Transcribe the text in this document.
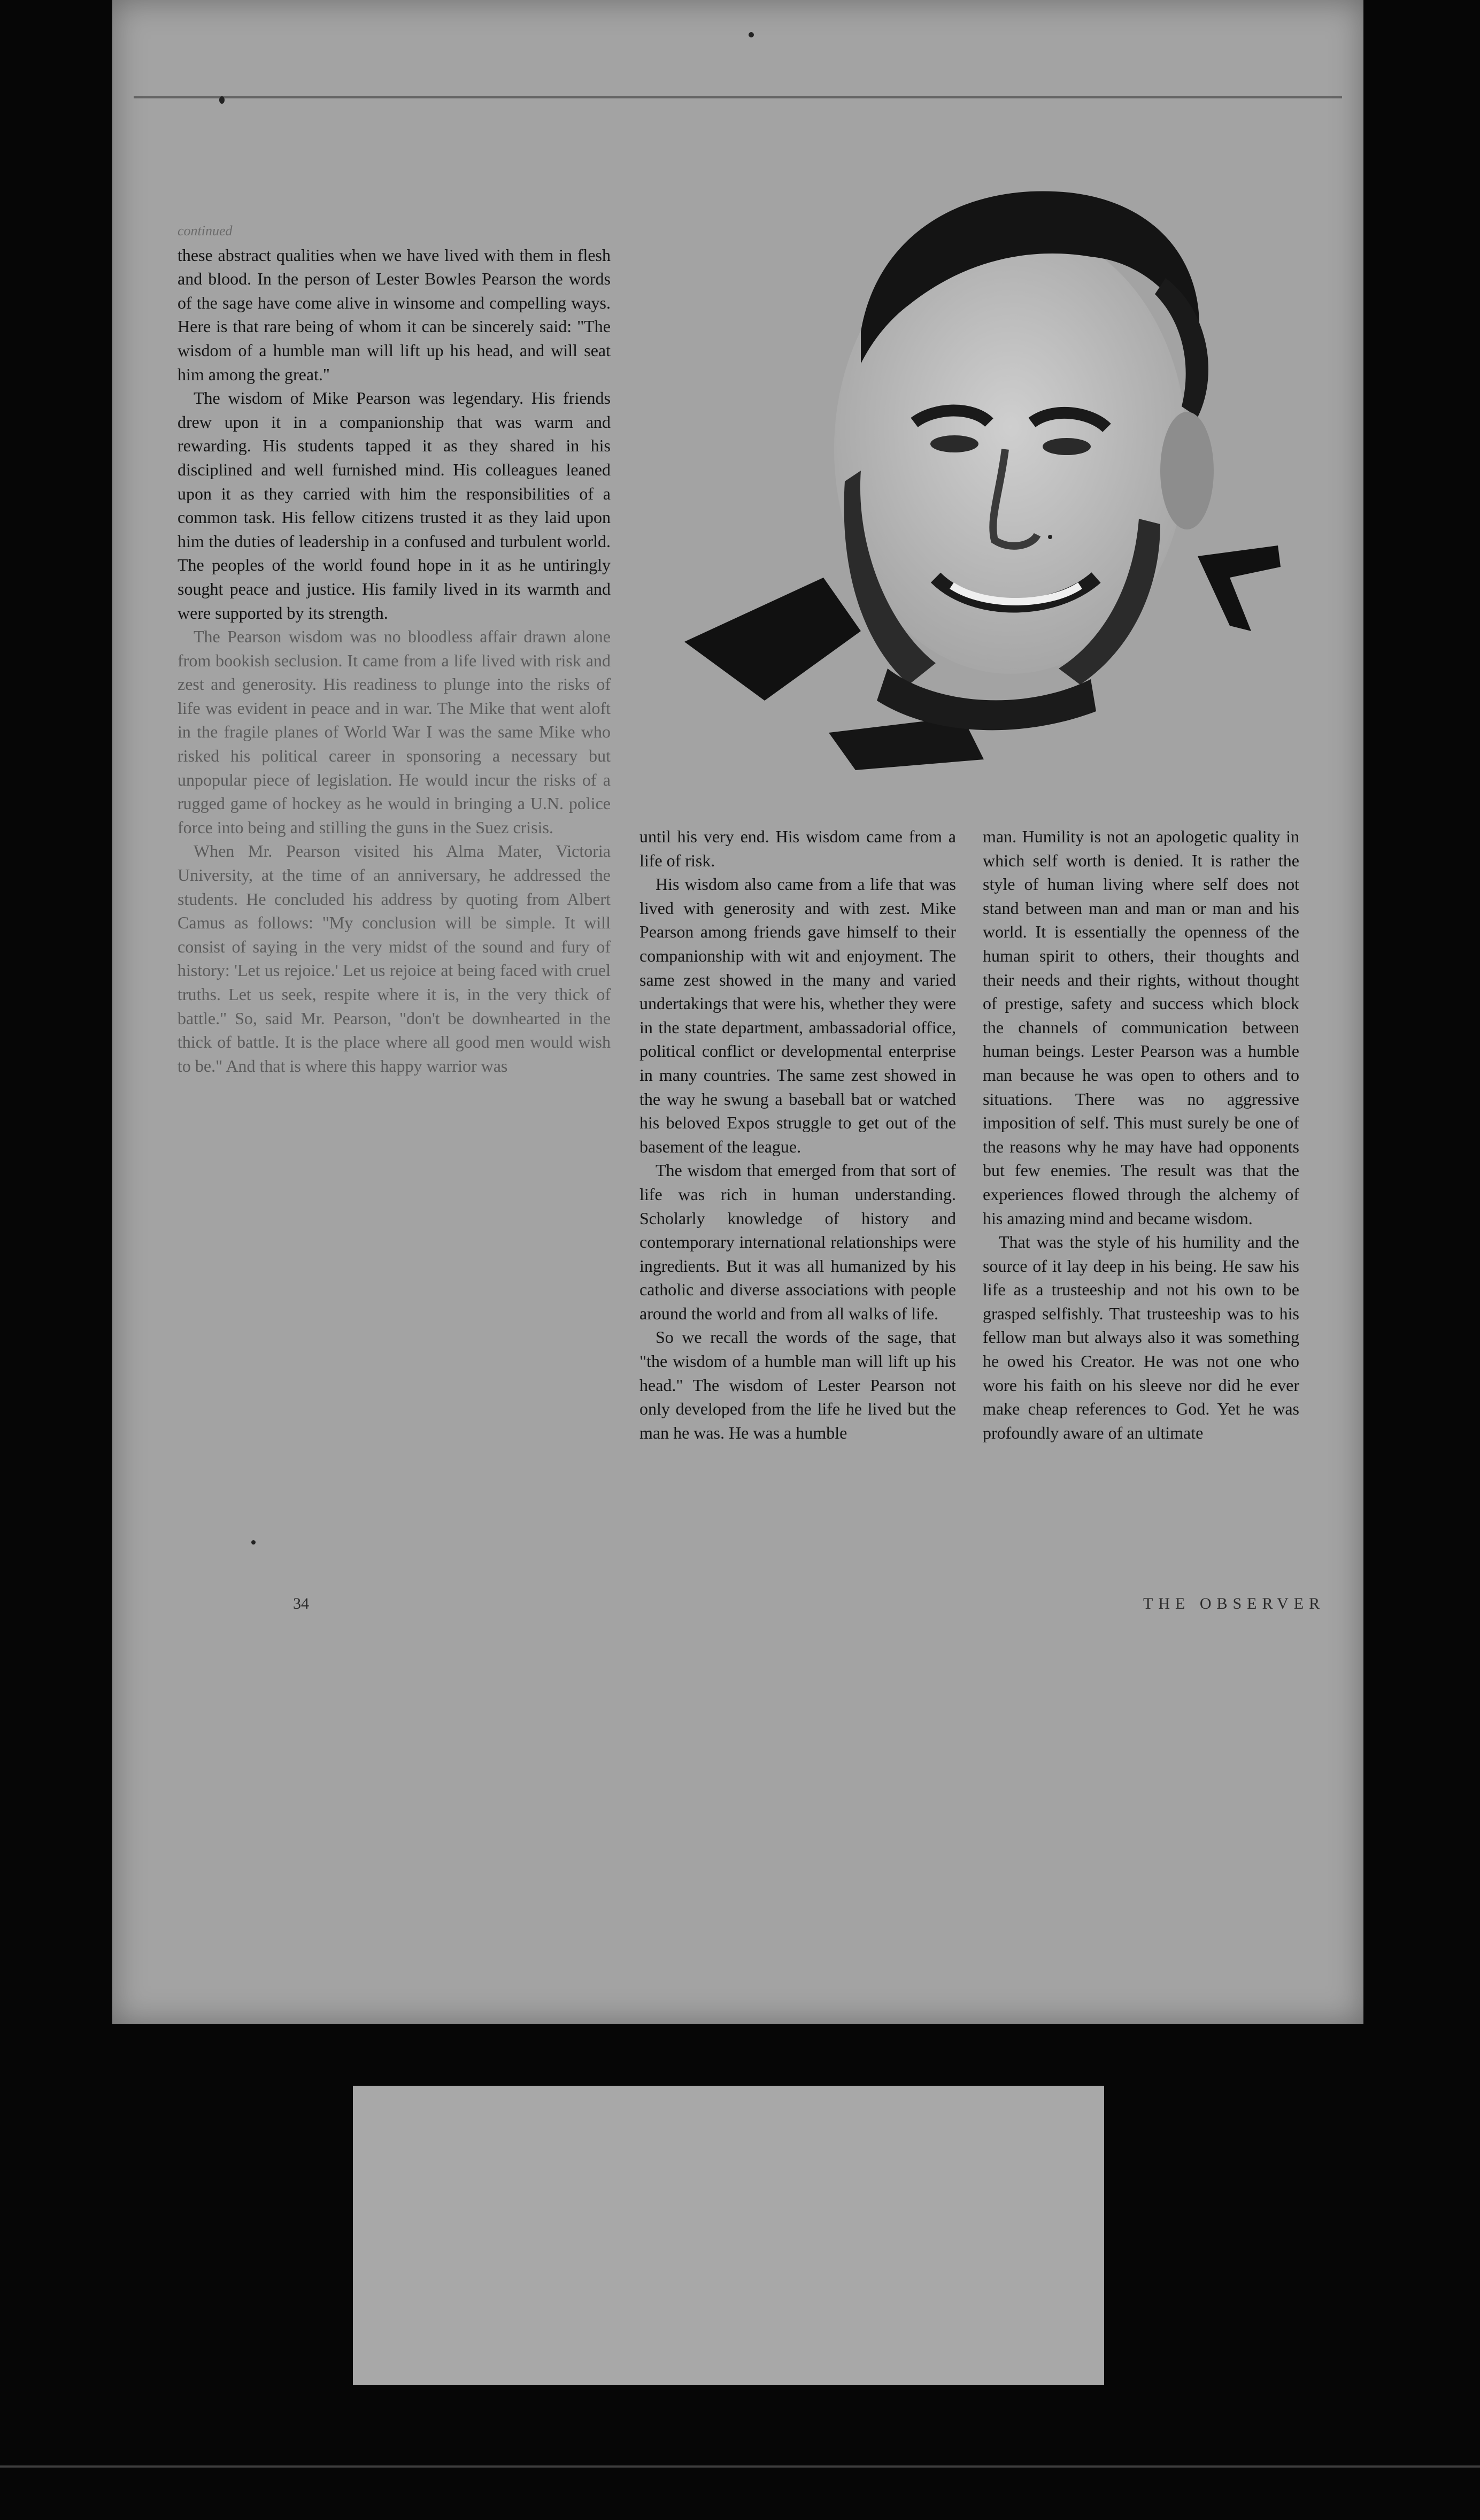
continued

these abstract qualities when we have lived with them in flesh and blood. In the person of Lester Bowles Pearson the words of the sage have come alive in winsome and compelling ways. Here is that rare being of whom it can be sincerely said: "The wisdom of a humble man will lift up his head, and will seat him among the great."

The wisdom of Mike Pearson was legendary. His friends drew upon it in a companionship that was warm and rewarding. His students tapped it as they shared in his disciplined and well furnished mind. His colleagues leaned upon it as they carried with him the responsibilities of a common task. His fellow citizens trusted it as they laid upon him the duties of leadership in a confused and turbulent world. The peoples of the world found hope in it as he untiringly sought peace and justice. His family lived in its warmth and were supported by its strength.

The Pearson wisdom was no bloodless affair drawn alone from bookish seclusion. It came from a life lived with risk and zest and generosity. His readiness to plunge into the risks of life was evident in peace and in war. The Mike that went aloft in the fragile planes of World War I was the same Mike who risked his political career in sponsoring a necessary but unpopular piece of legislation. He would incur the risks of a rugged game of hockey as he would in bringing a U.N. police force into being and stilling the guns in the Suez crisis.

When Mr. Pearson visited his Alma Mater, Victoria University, at the time of an anniversary, he addressed the students. He concluded his address by quoting from Albert Camus as follows: "My conclusion will be simple. It will consist of saying in the very midst of the sound and fury of history: 'Let us rejoice.' Let us rejoice at being faced with cruel truths. Let us seek, respite where it is, in the very thick of battle." So, said Mr. Pearson, "don't be downhearted in the thick of battle. It is the place where all good men would wish to be." And that is where this happy warrior was

until his very end. His wisdom came from a life of risk.

His wisdom also came from a life that was lived with generosity and with zest. Mike Pearson among friends gave himself to their companionship with wit and enjoyment. The same zest showed in the many and varied undertakings that were his, whether they were in the state department, ambassadorial office, political conflict or developmental enterprise in many countries. The same zest showed in the way he swung a baseball bat or watched his beloved Expos struggle to get out of the basement of the league.

The wisdom that emerged from that sort of life was rich in human understanding. Scholarly knowledge of history and contemporary international relationships were ingredients. But it was all humanized by his catholic and diverse associations with people around the world and from all walks of life.

So we recall the words of the sage, that "the wisdom of a humble man will lift up his head." The wisdom of Lester Pearson not only developed from the life he lived but the man he was. He was a humble

man. Humility is not an apologetic quality in which self worth is denied. It is rather the style of human living where self does not stand between man and man or man and his world. It is essentially the openness of the human spirit to others, their thoughts and their needs and their rights, without thought of prestige, safety and success which block the channels of communication between human beings. Lester Pearson was a humble man because he was open to others and to situations. There was no aggressive imposition of self. This must surely be one of the reasons why he may have had opponents but few enemies. The result was that the experiences flowed through the alchemy of his amazing mind and became wisdom.

That was the style of his humility and the source of it lay deep in his being. He saw his life as a trusteeship and not his own to be grasped selfishly. That trusteeship was to his fellow man but always also it was something he owed his Creator. He was not one who wore his faith on his sleeve nor did he ever make cheap references to God. Yet he was profoundly aware of an ultimate

34	THE OBSERVER
